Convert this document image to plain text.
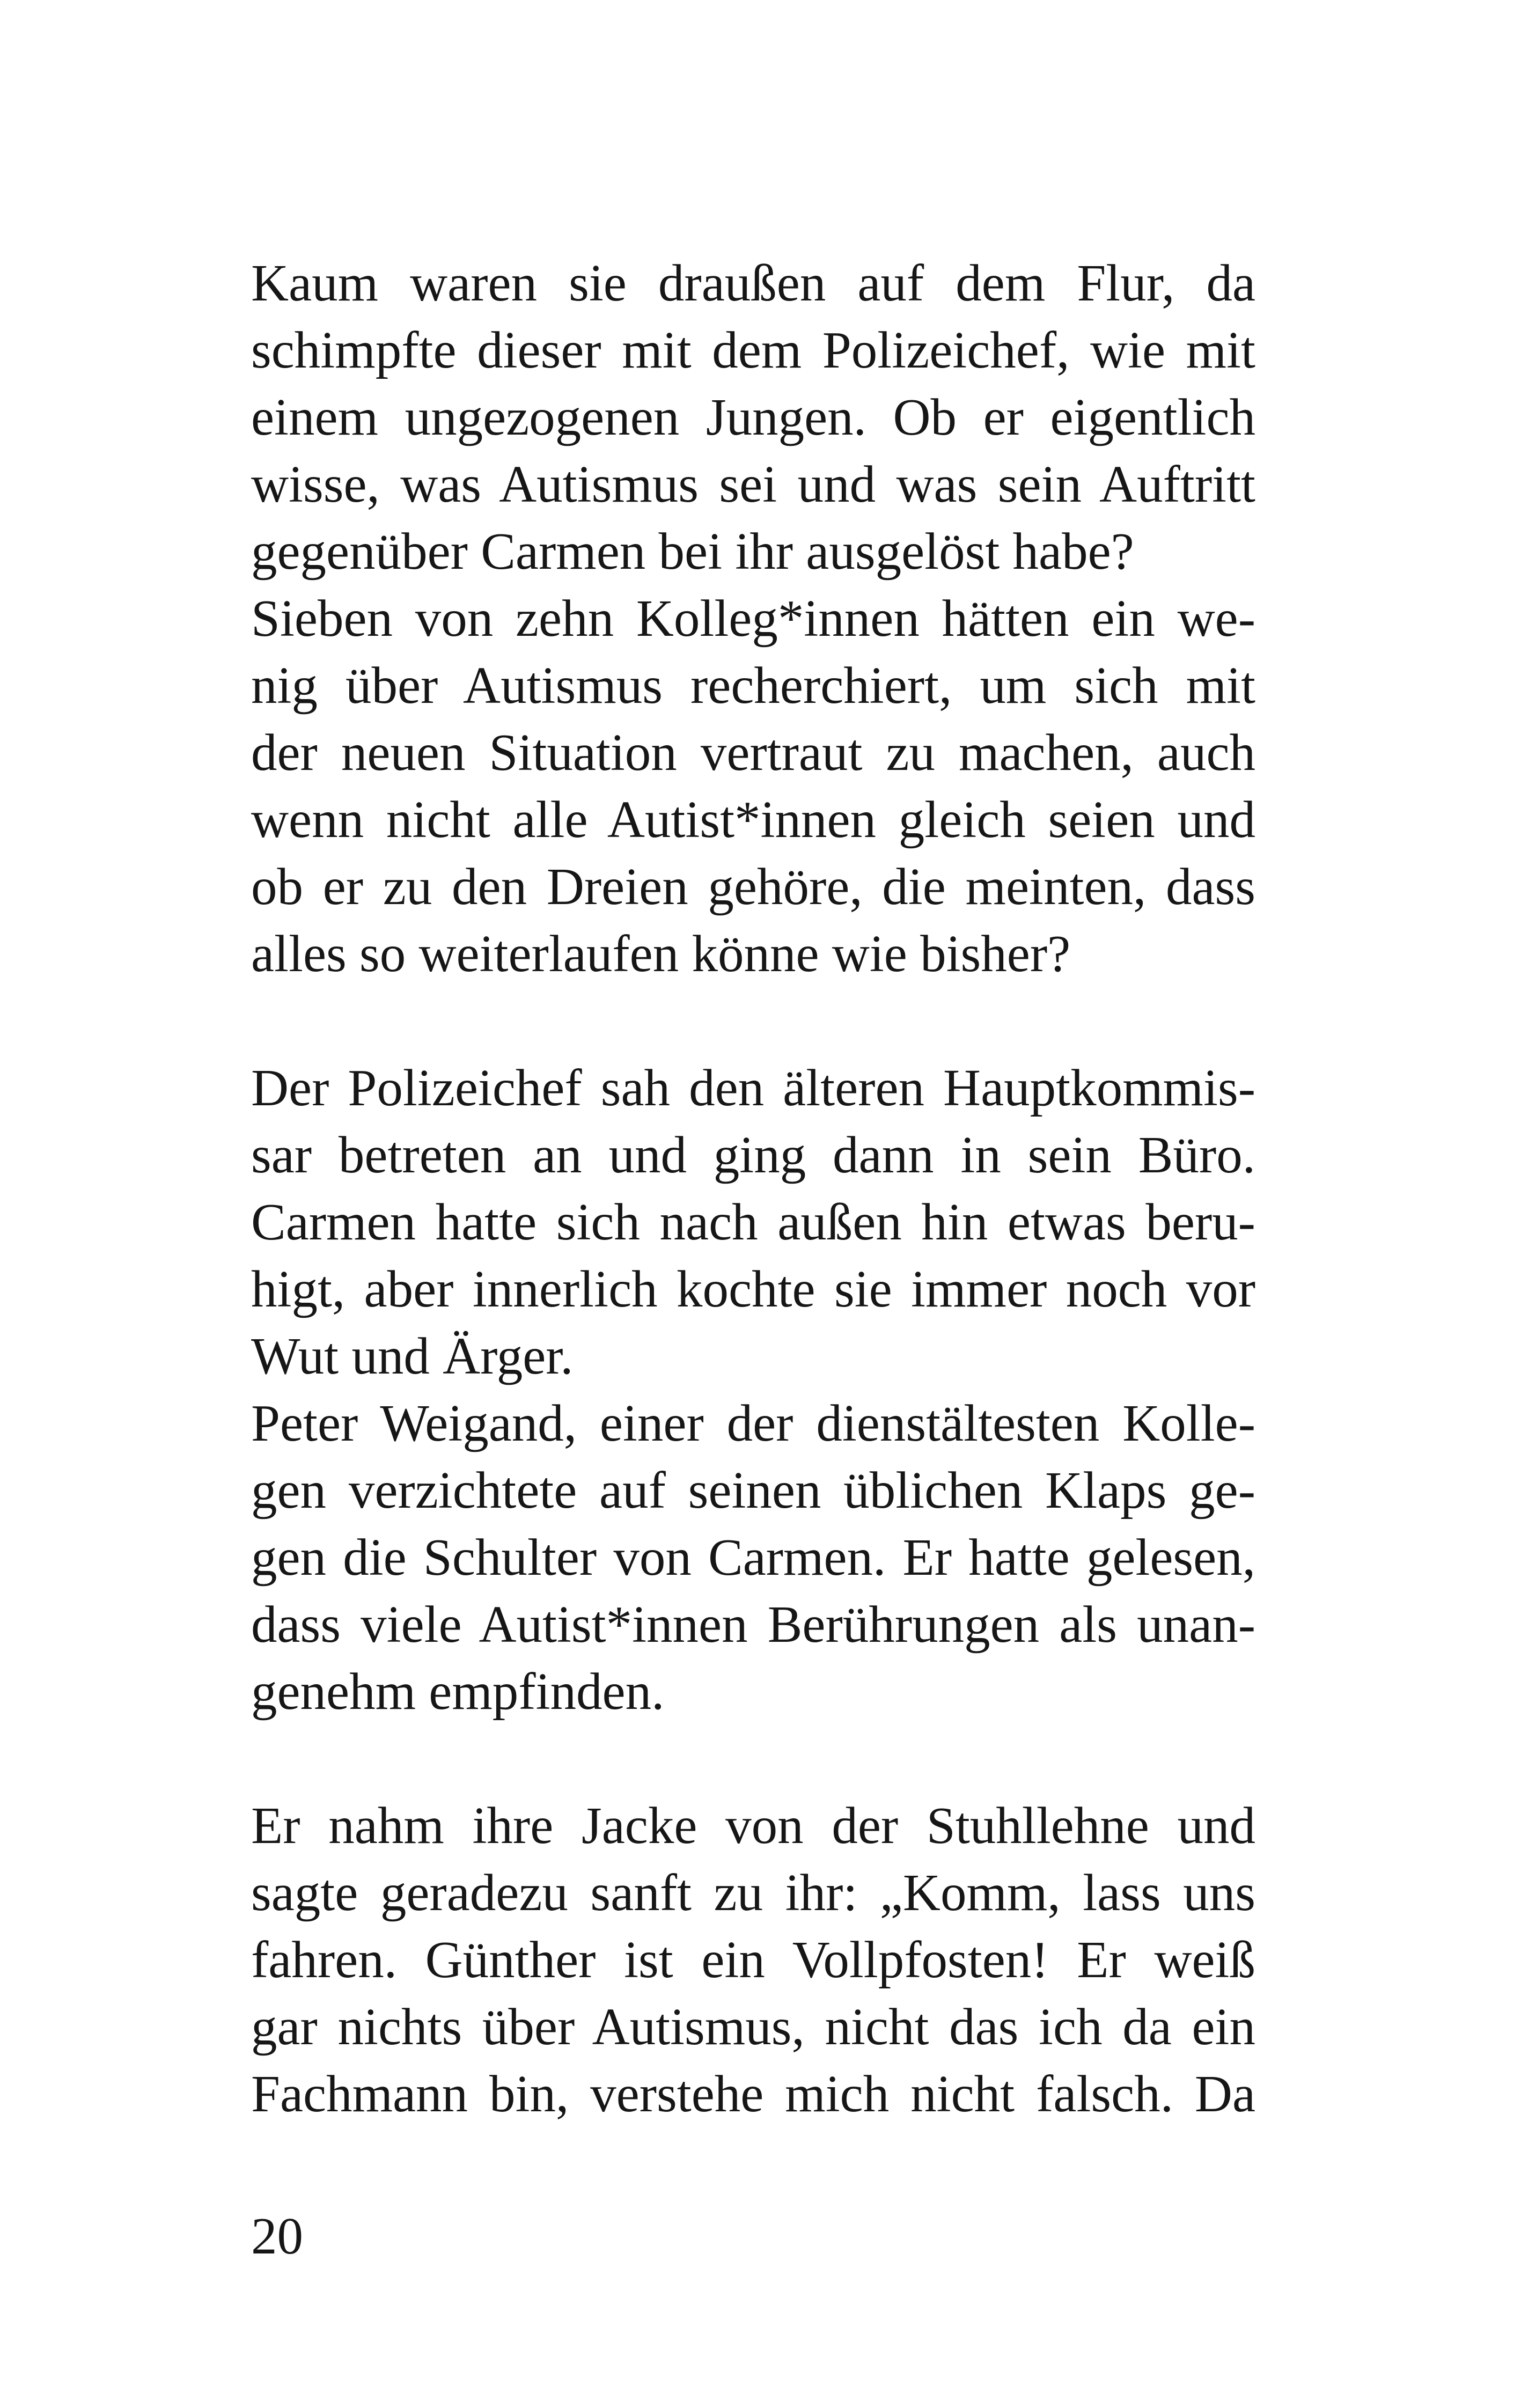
Kaum waren sie draußen auf dem Flur, da
schimpfte dieser mit dem Polizeichef, wie mit
einem ungezogenen Jungen. Ob er eigentlich
wisse, was Autismus sei und was sein Auftritt
gegenüber Carmen bei ihr ausgelöst habe?
Sieben von zehn Kolleg*innen hätten ein we-
nig über Autismus recherchiert, um sich mit
der neuen Situation vertraut zu machen, auch
wenn nicht alle Autist*innen gleich seien und
ob er zu den Dreien gehöre, die meinten, dass
alles so weiterlaufen könne wie bisher?
Der Polizeichef sah den älteren Hauptkommis-
sar betreten an und ging dann in sein Büro.
Carmen hatte sich nach außen hin etwas beru-
higt, aber innerlich kochte sie immer noch vor
Wut und Ärger.
Peter Weigand, einer der dienstältesten Kolle-
gen verzichtete auf seinen üblichen Klaps ge-
gen die Schulter von Carmen. Er hatte gelesen,
dass viele Autist*innen Berührungen als unan-
genehm empfinden.
Er nahm ihre Jacke von der Stuhllehne und
sagte geradezu sanft zu ihr: „Komm, lass uns
fahren. Günther ist ein Vollpfosten! Er weiß
gar nichts über Autismus, nicht das ich da ein
Fachmann bin, verstehe mich nicht falsch. Da
20
